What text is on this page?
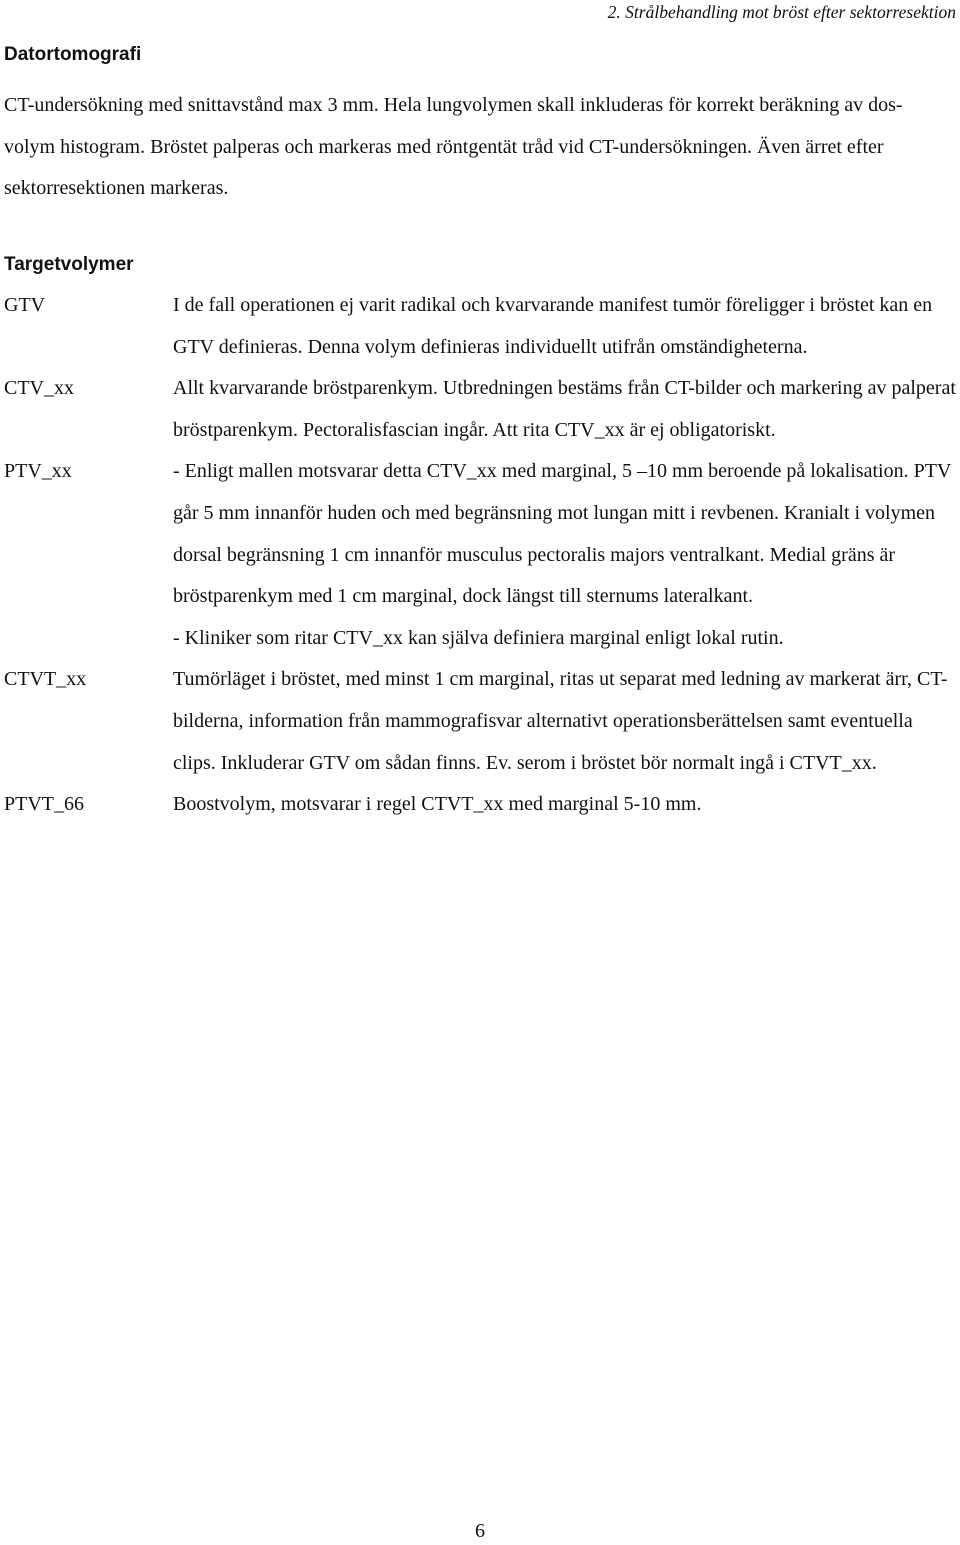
2. Strålbehandling mot bröst efter sektorresektion
Datortomografi

CT-undersökning med snittavstånd max 3 mm. Hela lungvolymen skall inkluderas för korrekt beräkning av dos-volym histogram. Bröstet palperas och markeras med röntgentät tråd vid CT-undersökningen. Även ärret efter sektorresektionen markeras.

Targetvolymer
GTV	I de fall operationen ej varit radikal och kvarvarande manifest tumör föreligger i bröstet kan en GTV definieras. Denna volym definieras individuellt utifrån omständigheterna.

CTV_xx	Allt kvarvarande bröstparenkym. Utbredningen bestäms från CT-bilder och markering av palperat bröstparenkym. Pectoralisfascian ingår. Att rita CTV_xx är ej obligatoriskt.

PTV_xx	- Enligt mallen motsvarar detta CTV_xx med marginal, 5 –10 mm beroende på lokalisation. PTV går 5 mm innanför huden och med begränsning mot lungan mitt i revbenen. Kranialt i volymen dorsal begränsning 1 cm innanför musculus pectoralis majors ventralkant. Medial gräns är bröstparenkym med 1 cm marginal, dock längst till sternums lateralkant.

- Kliniker som ritar CTV_xx kan själva definiera marginal enligt lokal rutin.

CTVT_xx	Tumörläget i bröstet, med minst 1 cm marginal, ritas ut separat med ledning av markerat ärr, CT-bilderna, information från mammografisvar alternativt operationsberättelsen samt eventuella clips. Inkluderar GTV om sådan finns. Ev. serom i bröstet bör normalt ingå i CTVT_xx.

PTVT_66	Boostvolym, motsvarar i regel CTVT_xx med marginal 5-10 mm.

6
